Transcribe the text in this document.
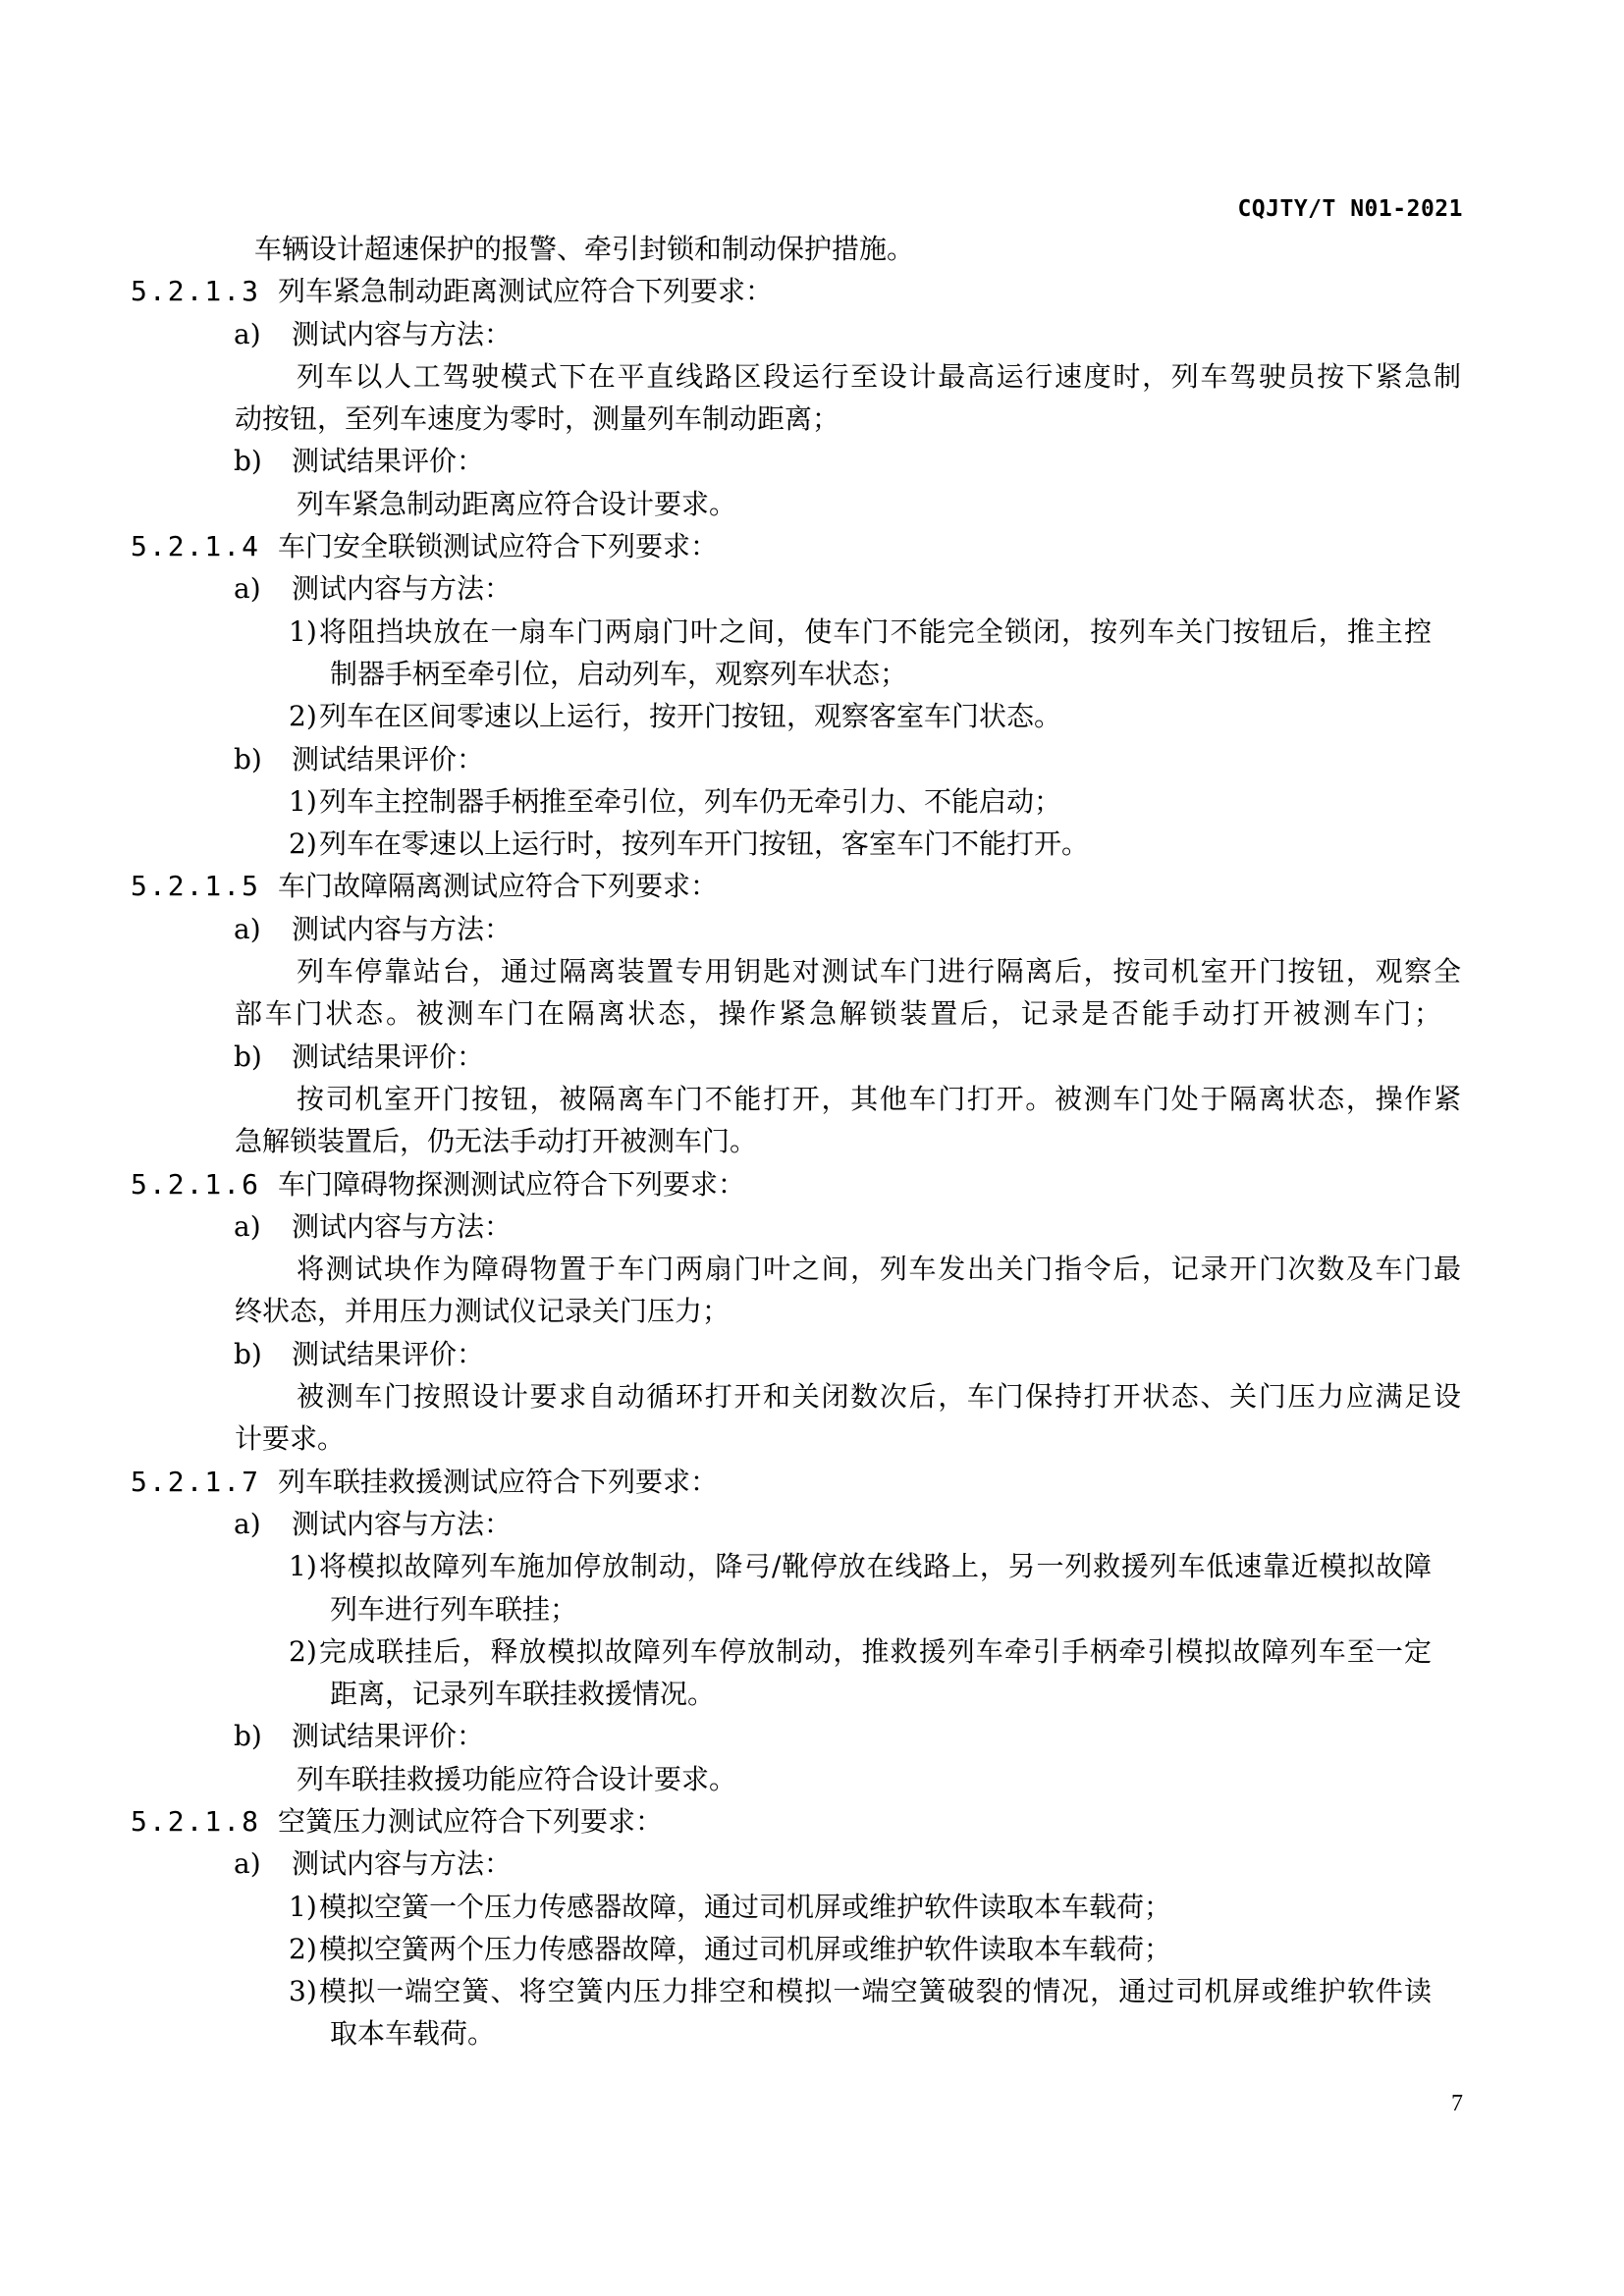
CQJTY/T N01-2021
车辆设计超速保护的报警、牵引封锁和制动保护措施。
5.2.1.3 列车紧急制动距离测试应符合下列要求：
a) 测试内容与方法：
列车以人工驾驶模式下在平直线路区段运行至设计最高运行速度时，列车驾驶员按下紧急制
动按钮，至列车速度为零时，测量列车制动距离；
b) 测试结果评价：
列车紧急制动距离应符合设计要求。
5.2.1.4 车门安全联锁测试应符合下列要求：
a) 测试内容与方法：
1)将阻挡块放在一扇车门两扇门叶之间，使车门不能完全锁闭，按列车关门按钮后，推主控
制器手柄至牵引位，启动列车，观察列车状态；
2)列车在区间零速以上运行，按开门按钮，观察客室车门状态。
b) 测试结果评价：
1)列车主控制器手柄推至牵引位，列车仍无牵引力、不能启动；
2)列车在零速以上运行时，按列车开门按钮，客室车门不能打开。
5.2.1.5 车门故障隔离测试应符合下列要求：
a) 测试内容与方法：
列车停靠站台，通过隔离装置专用钥匙对测试车门进行隔离后，按司机室开门按钮，观察全
部车门状态。被测车门在隔离状态，操作紧急解锁装置后，记录是否能手动打开被测车门；
b) 测试结果评价：
按司机室开门按钮，被隔离车门不能打开，其他车门打开。被测车门处于隔离状态，操作紧
急解锁装置后，仍无法手动打开被测车门。
5.2.1.6 车门障碍物探测测试应符合下列要求：
a) 测试内容与方法：
将测试块作为障碍物置于车门两扇门叶之间，列车发出关门指令后，记录开门次数及车门最
终状态，并用压力测试仪记录关门压力；
b) 测试结果评价：
被测车门按照设计要求自动循环打开和关闭数次后，车门保持打开状态、关门压力应满足设
计要求。
5.2.1.7 列车联挂救援测试应符合下列要求：
a) 测试内容与方法：
1)将模拟故障列车施加停放制动，降弓/靴停放在线路上，另一列救援列车低速靠近模拟故障
列车进行列车联挂；
2)完成联挂后，释放模拟故障列车停放制动，推救援列车牵引手柄牵引模拟故障列车至一定
距离，记录列车联挂救援情况。
b) 测试结果评价：
列车联挂救援功能应符合设计要求。
5.2.1.8 空簧压力测试应符合下列要求：
a) 测试内容与方法：
1)模拟空簧一个压力传感器故障，通过司机屏或维护软件读取本车载荷；
2)模拟空簧两个压力传感器故障，通过司机屏或维护软件读取本车载荷；
3)模拟一端空簧、将空簧内压力排空和模拟一端空簧破裂的情况，通过司机屏或维护软件读
取本车载荷。
7
